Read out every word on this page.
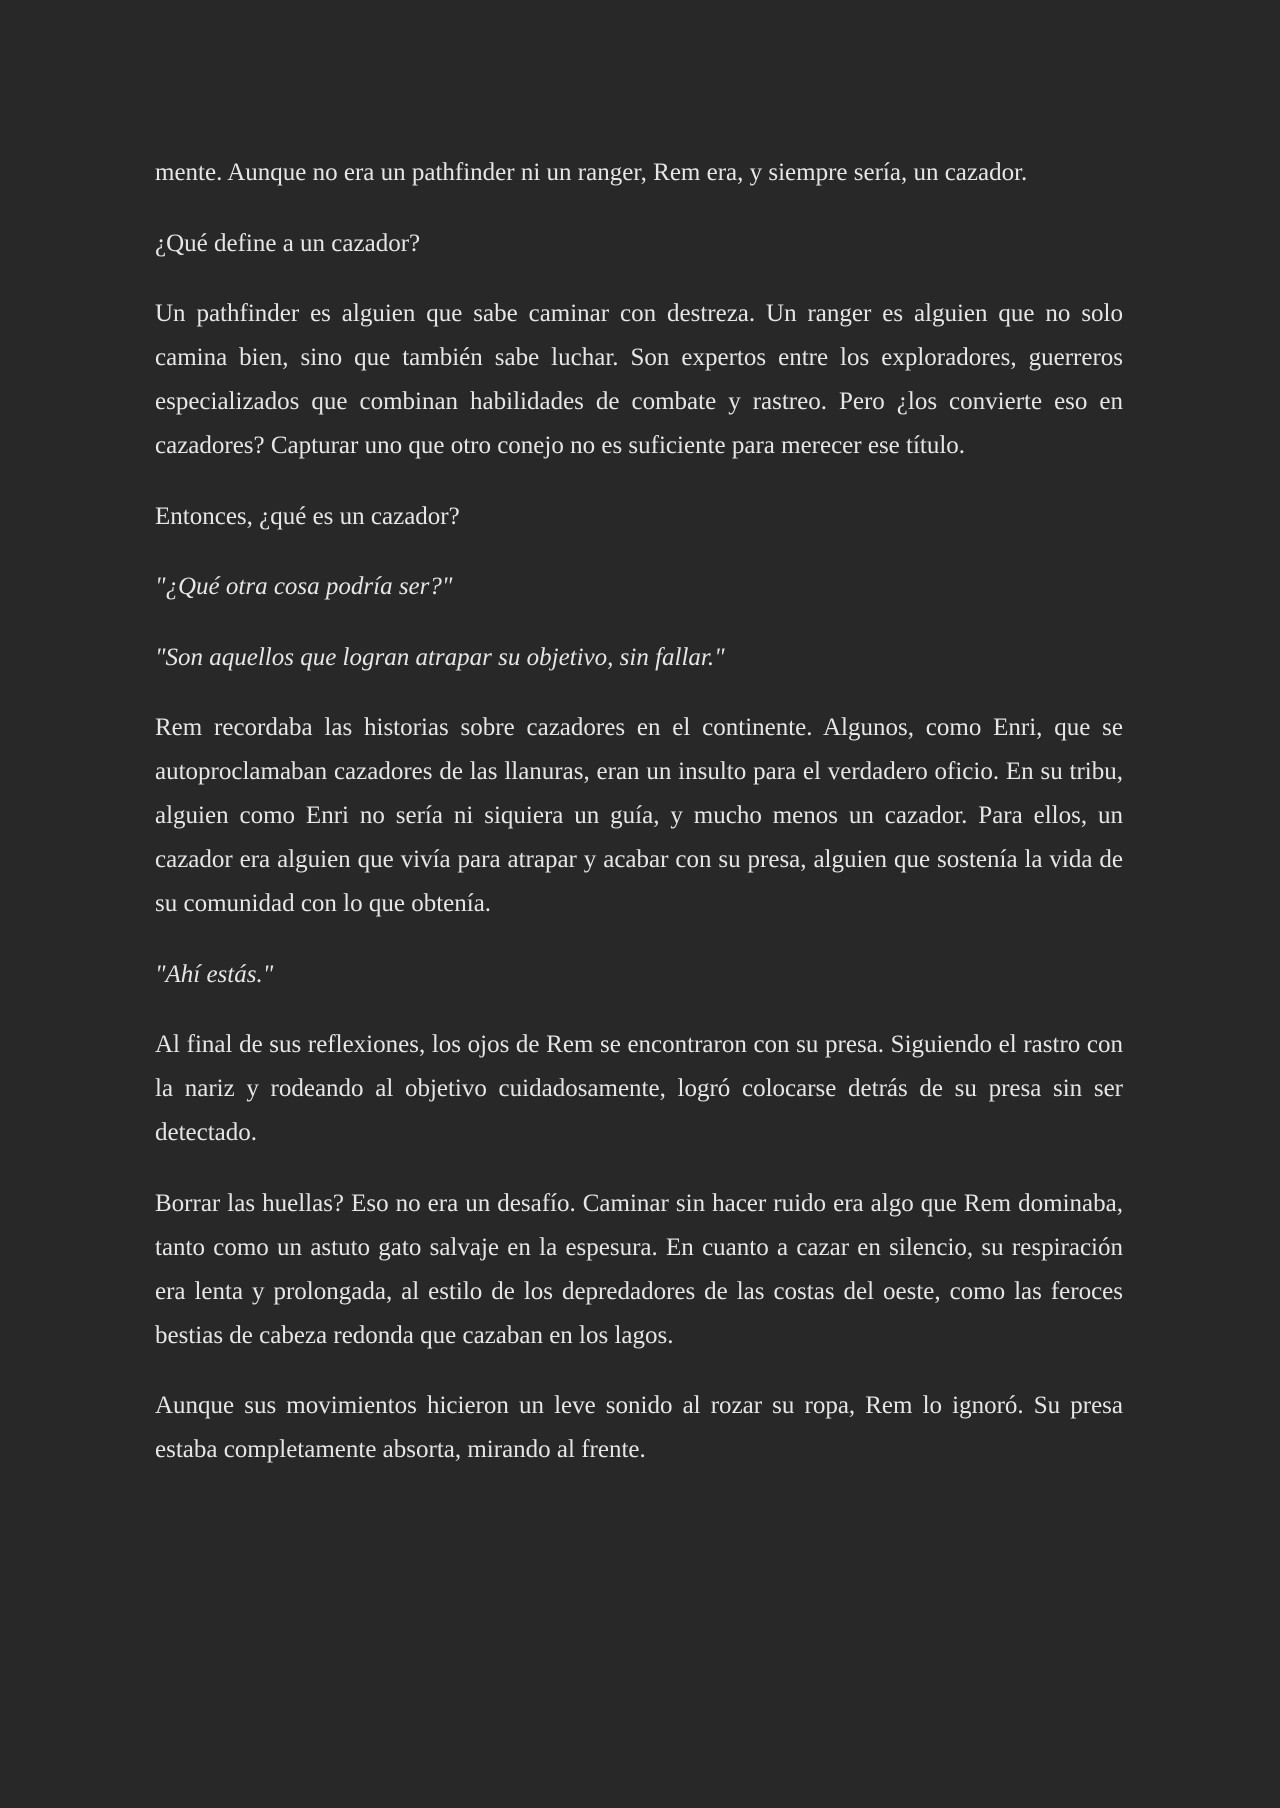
mente. Aunque no era un pathfinder ni un ranger, Rem era, y siempre sería, un cazador.

¿Qué define a un cazador?

Un pathfinder es alguien que sabe caminar con destreza. Un ranger es alguien que no solo camina bien, sino que también sabe luchar. Son expertos entre los exploradores, guerreros especializados que combinan habilidades de combate y rastreo. Pero ¿los convierte eso en cazadores? Capturar uno que otro conejo no es suficiente para merecer ese título.

Entonces, ¿qué es un cazador?

"¿Qué otra cosa podría ser?"

"Son aquellos que logran atrapar su objetivo, sin fallar."

Rem recordaba las historias sobre cazadores en el continente. Algunos, como Enri, que se autoproclamaban cazadores de las llanuras, eran un insulto para el verdadero oficio. En su tribu, alguien como Enri no sería ni siquiera un guía, y mucho menos un cazador. Para ellos, un cazador era alguien que vivía para atrapar y acabar con su presa, alguien que sostenía la vida de su comunidad con lo que obtenía.

"Ahí estás."

Al final de sus reflexiones, los ojos de Rem se encontraron con su presa. Siguiendo el rastro con la nariz y rodeando al objetivo cuidadosamente, logró colocarse detrás de su presa sin ser detectado.

Borrar las huellas? Eso no era un desafío. Caminar sin hacer ruido era algo que Rem dominaba, tanto como un astuto gato salvaje en la espesura. En cuanto a cazar en silencio, su respiración era lenta y prolongada, al estilo de los depredadores de las costas del oeste, como las feroces bestias de cabeza redonda que cazaban en los lagos.

Aunque sus movimientos hicieron un leve sonido al rozar su ropa, Rem lo ignoró. Su presa estaba completamente absorta, mirando al frente.
